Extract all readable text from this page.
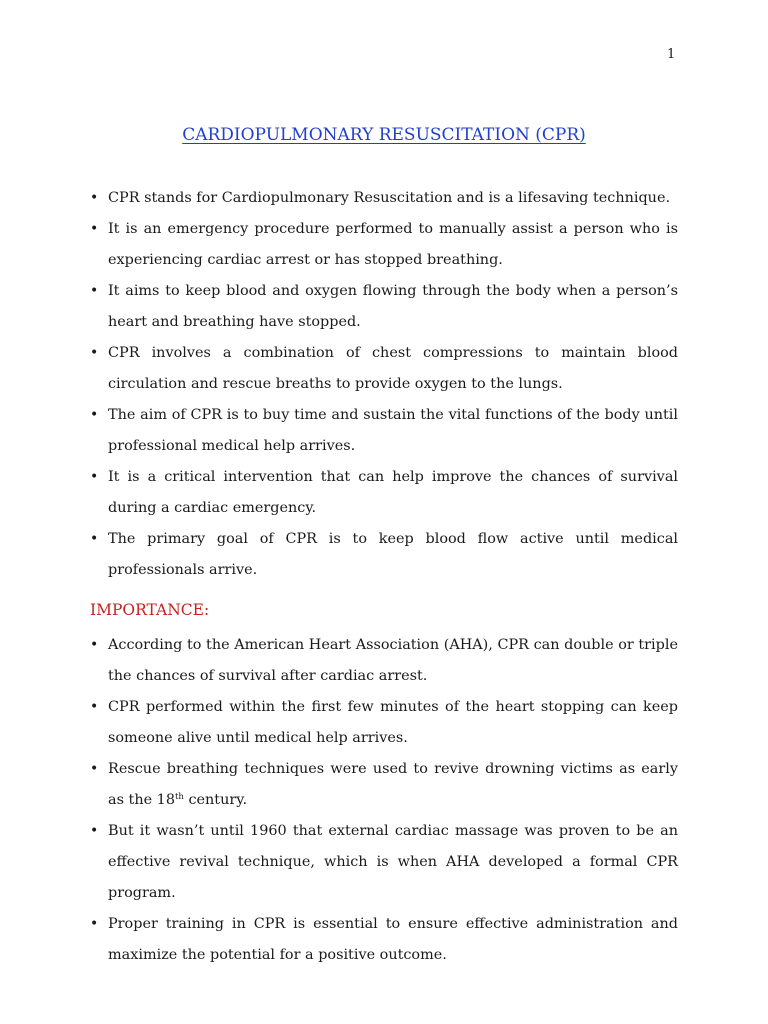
1
CARDIOPULMONARY RESUSCITATION (CPR)
• CPR stands for Cardiopulmonary Resuscitation and is a lifesaving technique.
• It is an emergency procedure performed to manually assist a person who is experiencing cardiac arrest or has stopped breathing.
• It aims to keep blood and oxygen flowing through the body when a person’s heart and breathing have stopped.
• CPR involves a combination of chest compressions to maintain blood circulation and rescue breaths to provide oxygen to the lungs.
• The aim of CPR is to buy time and sustain the vital functions of the body until professional medical help arrives.
• It is a critical intervention that can help improve the chances of survival during a cardiac emergency.
• The primary goal of CPR is to keep blood flow active until medical professionals arrive.
IMPORTANCE:
• According to the American Heart Association (AHA), CPR can double or triple the chances of survival after cardiac arrest.
• CPR performed within the first few minutes of the heart stopping can keep someone alive until medical help arrives.
• Rescue breathing techniques were used to revive drowning victims as early as the 18th century.
• But it wasn’t until 1960 that external cardiac massage was proven to be an effective revival technique, which is when AHA developed a formal CPR program.
• Proper training in CPR is essential to ensure effective administration and maximize the potential for a positive outcome.
